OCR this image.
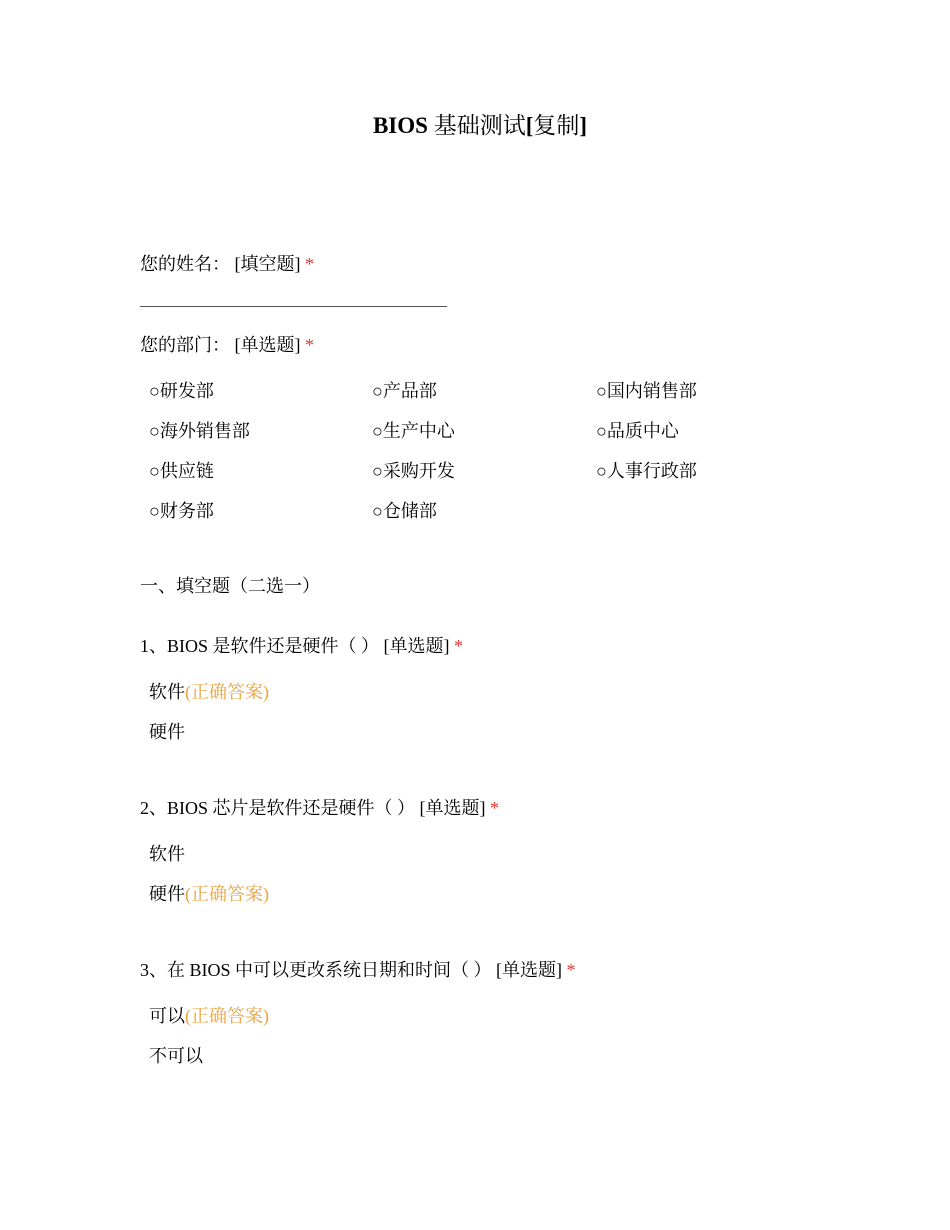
BIOS 基础测试[复制]
您的姓名： [填空题] *
您的部门： [单选题] *
○研发部	○产品部	○国内销售部
○海外销售部	○生产中心	○品质中心
○供应链	○采购开发	○人事行政部
○财务部	○仓储部
一、填空题（二选一）
1、BIOS 是软件还是硬件（ ） [单选题] *
软件(正确答案)
硬件
2、BIOS 芯片是软件还是硬件（ ） [单选题] *
软件
硬件(正确答案)
3、在 BIOS 中可以更改系统日期和时间（ ） [单选题] *
可以(正确答案)
不可以
